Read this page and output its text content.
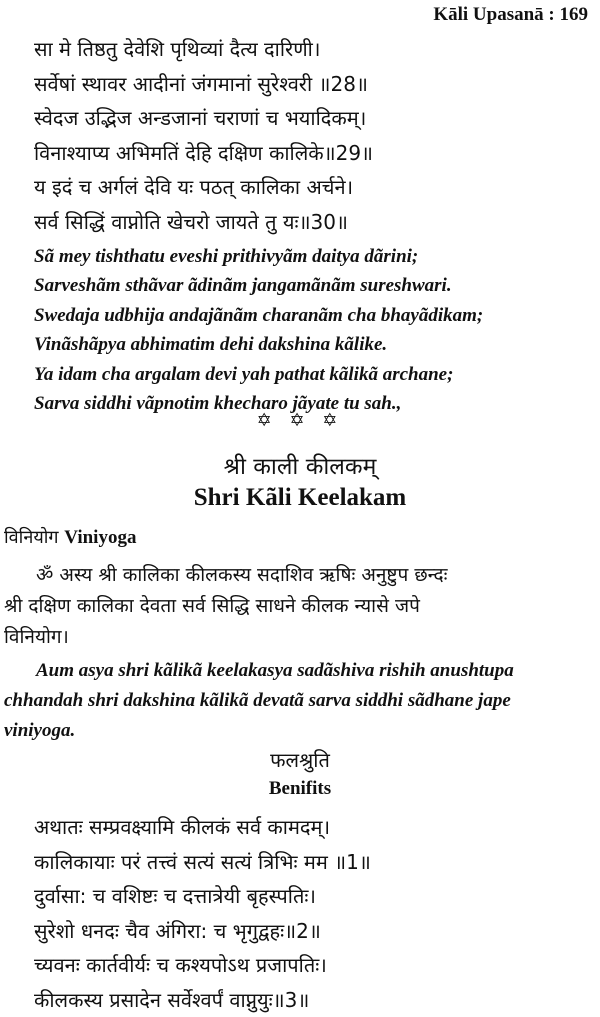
Kāli Upasanā : 169
सा मे तिष्ठतु देवेशि पृथिव्यां दैत्य दारिणी।
सर्वेषां स्थावर आदीनां जंगमानां सुरेश्वरी ॥28॥
स्वेदज उद्भिज अन्डजानां चराणां च भयादिकम्।
विनाश्याप्य अभिमतिं देहि दक्षिण कालिके॥29॥
य इदं च अर्गलं देवि यः पठत् कालिका अर्चने।
सर्व सिद्धिं वाप्नोति खेचरो जायते तु यः॥30॥
Sã mey tishthatu eveshi prithivyãm daitya dãrini;
Sarveshãm sthãvar ãdinãm jangamãnãm sureshwari.
Swedaja udbhija andajãnãm charanãm cha bhayãdikam;
Vinãshãpya abhimatim dehi dakshina kãlike.
Ya idam cha argalam devi yah pathat kãlikã archane;
Sarva siddhi vãpnotim khecharo jãyate tu sah.,
✡ ✡ ✡
श्री काली कीलकम्
Shri Kãli Keelakam
विनियोग Viniyoga
ॐ अस्य श्री कालिका कीलकस्य सदाशिव ऋषिः अनुष्टुप छन्दः
श्री दक्षिण कालिका देवता सर्व सिद्धि साधने कीलक न्यासे जपे
विनियोग।
Aum asya shri kãlikã keelakasya sadãshiva rishih anushtupa
chhandah shri dakshina kãlikã devatã sarva siddhi sãdhane jape
viniyoga.
फलश्रुति
Benifits
अथातः सम्प्रवक्ष्यामि कीलकं सर्व कामदम्।
कालिकायाः परं तत्त्वं सत्यं सत्यं त्रिभिः मम ॥1॥
दुर्वासा: च वशिष्टः च दत्तात्रेयी बृहस्पतिः।
सुरेशो धनदः चैव अंगिरा: च भृगुद्वहः॥2॥
च्यवनः कार्तवीर्यः च कश्यपोऽथ प्रजापतिः।
कीलकस्य प्रसादेन सर्वेश्वर्पं वाप्नुयुः॥3॥
